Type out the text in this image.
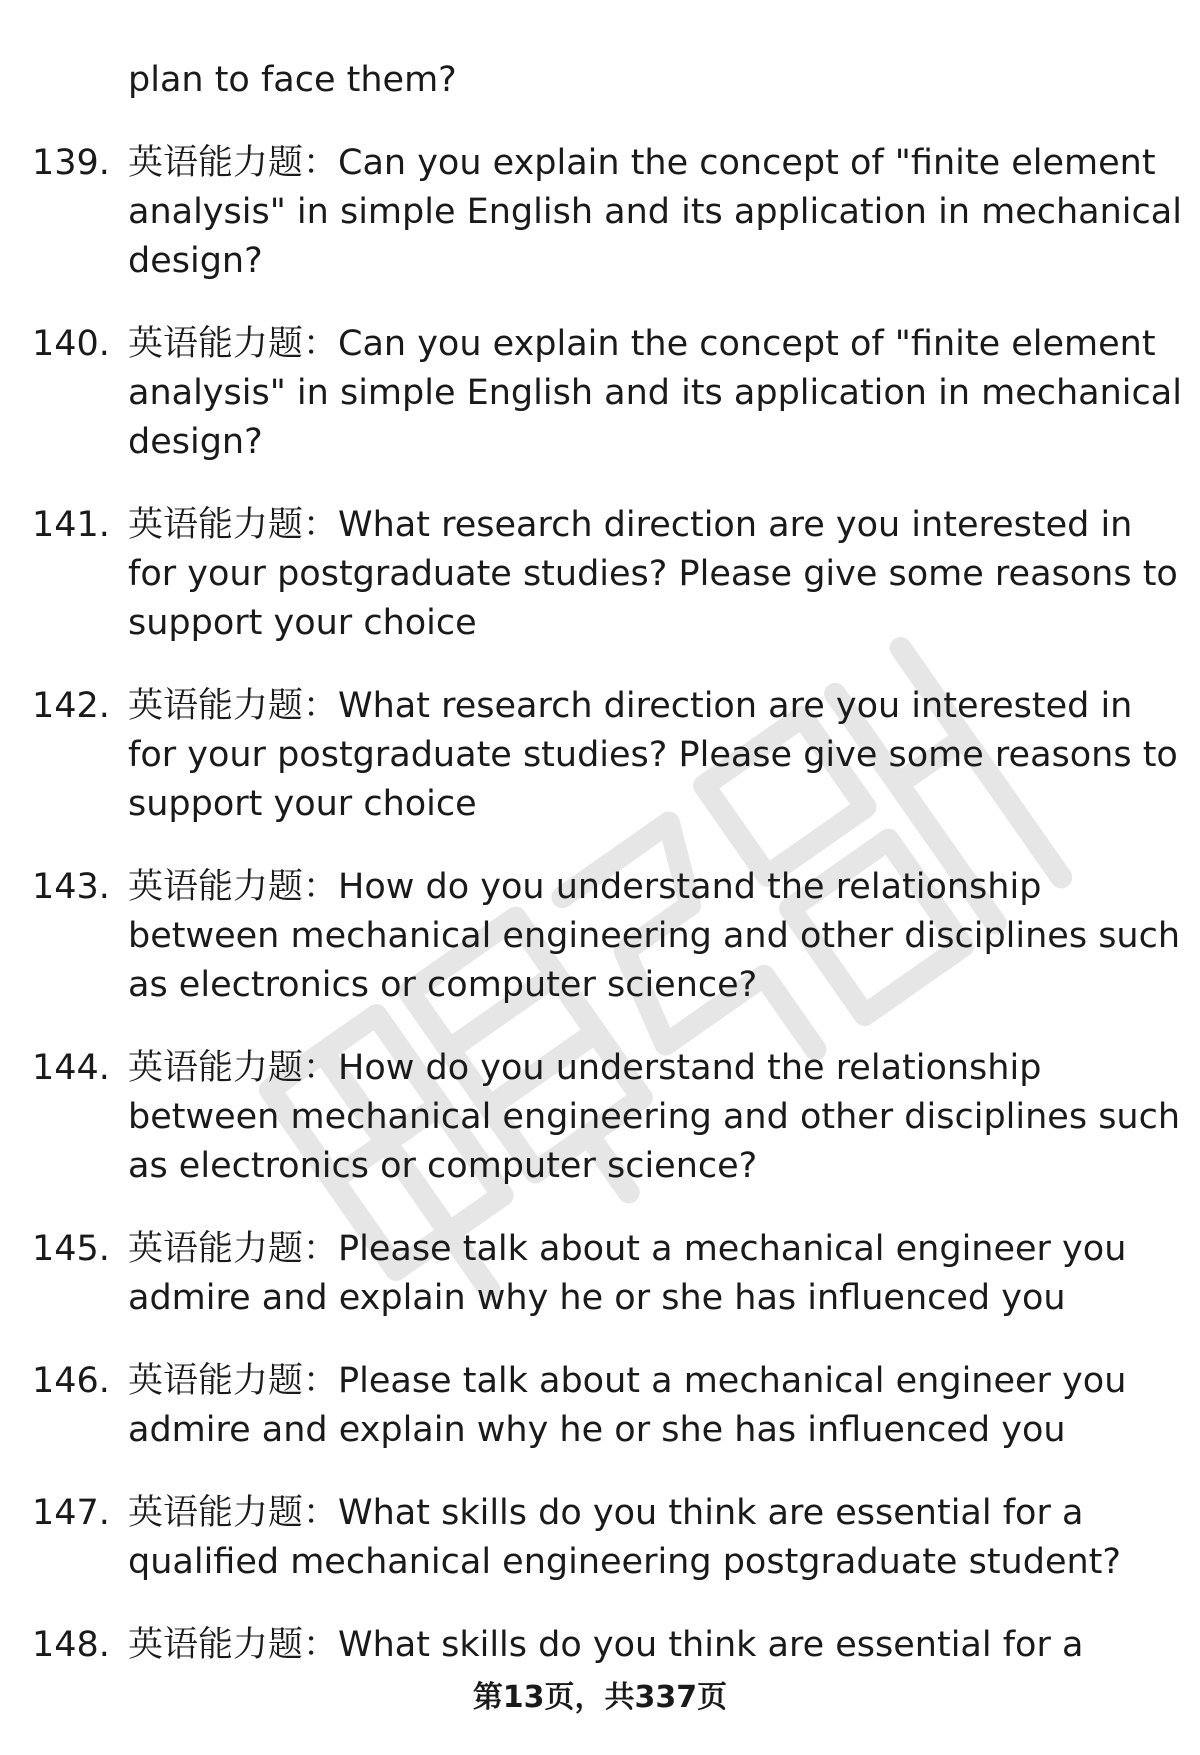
plan to face them?
139. 英语能力题：Can you explain the concept of "finite element
analysis" in simple English and its application in mechanical
design?
140. 英语能力题：Can you explain the concept of "finite element
analysis" in simple English and its application in mechanical
design?
141. 英语能力题：What research direction are you interested in
for your postgraduate studies? Please give some reasons to
support your choice
142. 英语能力题：What research direction are you interested in
for your postgraduate studies? Please give some reasons to
support your choice
143. 英语能力题：How do you understand the relationship
between mechanical engineering and other disciplines such
as electronics or computer science?
144. 英语能力题：How do you understand the relationship
between mechanical engineering and other disciplines such
as electronics or computer science?
145. 英语能力题：Please talk about a mechanical engineer you
admire and explain why he or she has influenced you
146. 英语能力题：Please talk about a mechanical engineer you
admire and explain why he or she has influenced you
147. 英语能力题：What skills do you think are essential for a
qualified mechanical engineering postgraduate student?
148. 英语能力题：What skills do you think are essential for a
第13页，共337页
